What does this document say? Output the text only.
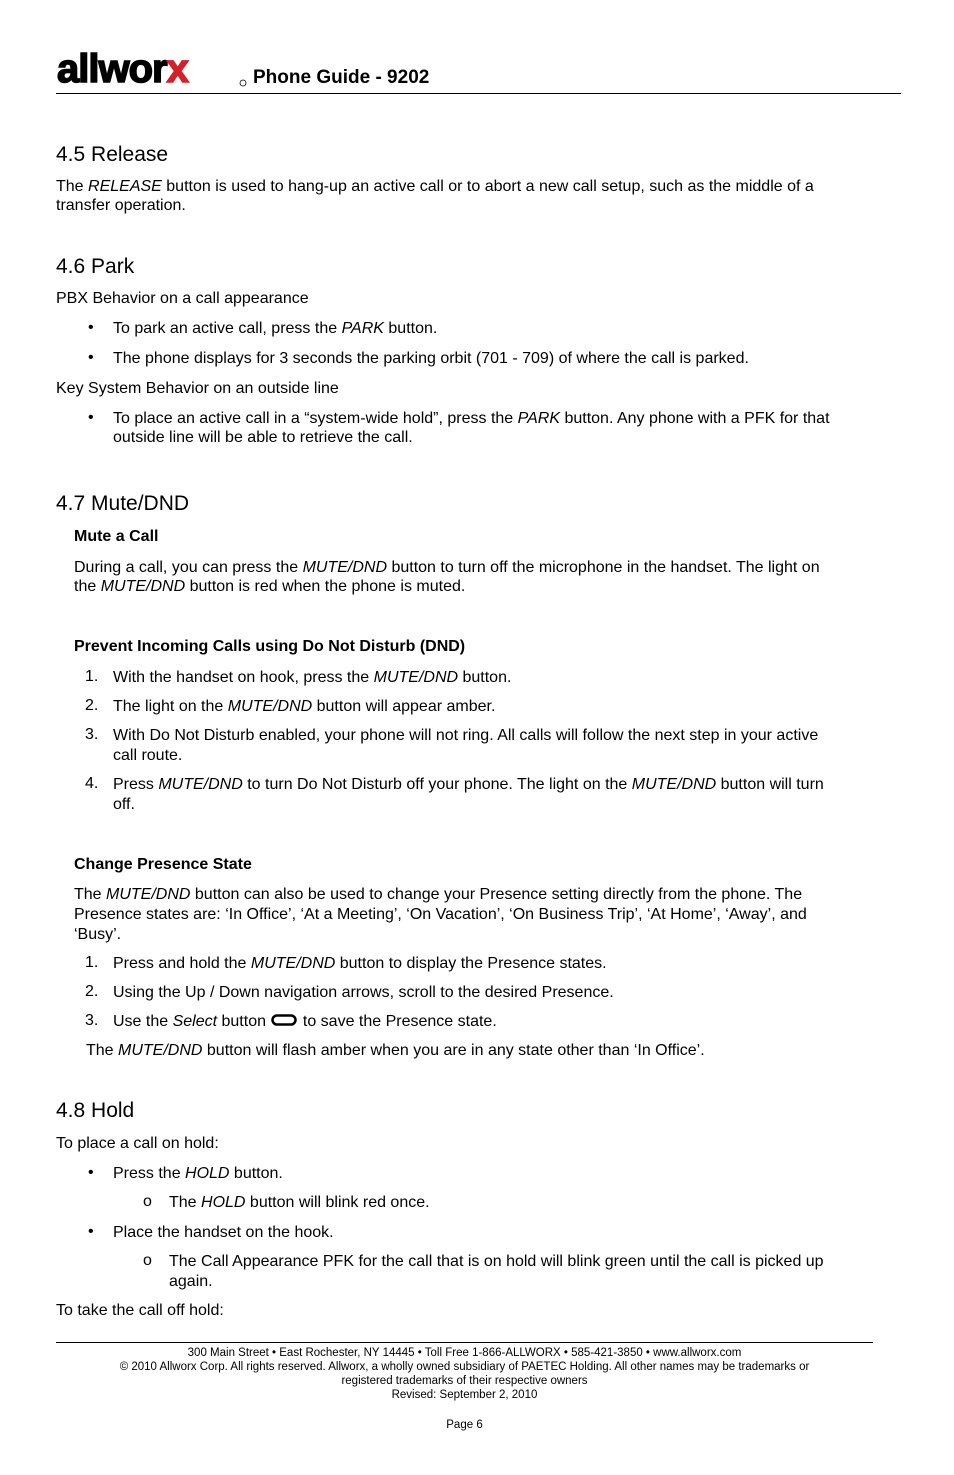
allworx	Phone Guide - 9202
4.5 Release

The RELEASE button is used to hang-up an active call or to abort a new call setup, such as the middle of a

transfer operation.

4.6 Park

PBX Behavior on a call appearance

• To park an active call, press the PARK button.

• The phone displays for 3 seconds the parking orbit (701 - 709) of where the call is parked.

Key System Behavior on an outside line

• To place an active call in a “system-wide hold”, press the PARK button. Any phone with a PFK for that

outside line will be able to retrieve the call.

4.7 Mute/DND
Mute a Call

During a call, you can press the MUTE/DND button to turn off the microphone in the handset. The light on

the MUTE/DND button is red when the phone is muted.

Prevent Incoming Calls using Do Not Disturb (DND)
1. With the handset on hook, press the MUTE/DND button.

2. The light on the MUTE/DND button will appear amber.

3. With Do Not Disturb enabled, your phone will not ring. All calls will follow the next step in your active

call route.

4. Press MUTE/DND to turn Do Not Disturb off your phone. The light on the MUTE/DND button will turn

off.

Change Presence State

The MUTE/DND button can also be used to change your Presence setting directly from the phone. The

Presence states are: ‘In Office’, ‘At a Meeting’, ‘On Vacation’, ‘On Business Trip’, ‘At Home’, ‘Away’, and

‘Busy’.

1. Press and hold the MUTE/DND button to display the Presence states.

2. Using the Up / Down navigation arrows, scroll to the desired Presence.

3. Use the Select button  to save the Presence state.

The MUTE/DND button will flash amber when you are in any state other than ‘In Office’.

4.8 Hold

To place a call on hold:

• Press the HOLD button.

o The HOLD button will blink red once.

• Place the handset on the hook.

o The Call Appearance PFK for the call that is on hold will blink green until the call is picked up

again.

To take the call off hold:

300 Main Street • East Rochester, NY 14445 • Toll Free 1-866-ALLWORX • 585-421-3850 • www.allworx.com
© 2010 Allworx Corp. All rights reserved. Allworx, a wholly owned subsidiary of PAETEC Holding. All other names may be trademarks or
registered trademarks of their respective owners
Revised: September 2, 2010
Page 6
